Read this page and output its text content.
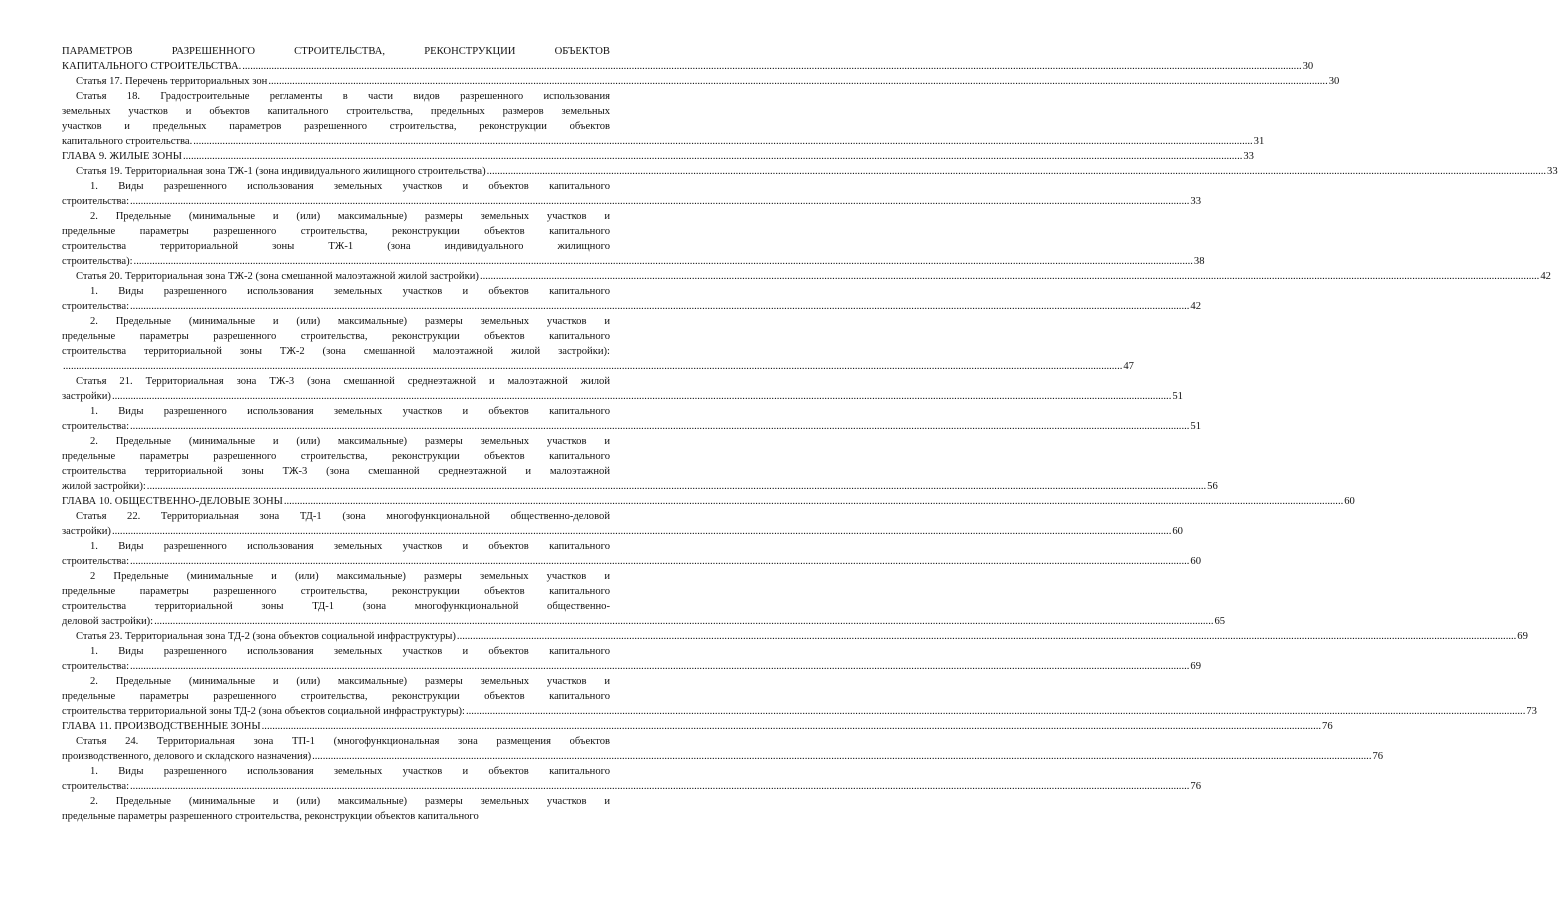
ПАРАМЕТРОВ РАЗРЕШЕННОГО СТРОИТЕЛЬСТВА, РЕКОНСТРУКЦИИ ОБЪЕКТОВ
КАПИТАЛЬНОГО СТРОИТЕЛЬСТВА. ................................................................................................................................................................................................................................................................................................................................................................................................................ 30
Статья 17. Перечень территориальных зон ................................................................................................................................................................................................................................................................................................................................................................................................................ 30
Статья 18. Градостроительные регламенты в части видов разрешенного использования
земельных участков и объектов капитального строительства, предельных размеров земельных
участков и предельных параметров разрешенного строительства, реконструкции объектов
капитального строительства. ................................................................................................................................................................................................................................................................................................................................................................................................................ 31
ГЛАВА 9. ЖИЛЫЕ ЗОНЫ ................................................................................................................................................................................................................................................................................................................................................................................................................ 33
Статья 19. Территориальная зона ТЖ-1 (зона индивидуального жилищного строительства) ................................................................................................................................................................................................................................................................................................................................................................................................................ 33
1. Виды разрешенного использования земельных участков и объектов капитального
строительства: ................................................................................................................................................................................................................................................................................................................................................................................................................ 33
2. Предельные (минимальные и (или) максимальные) размеры земельных участков и
предельные параметры разрешенного строительства, реконструкции объектов капитального
строительства территориальной зоны ТЖ-1 (зона индивидуального жилищного
строительства): ................................................................................................................................................................................................................................................................................................................................................................................................................ 38
Статья 20. Территориальная зона ТЖ-2 (зона смешанной малоэтажной жилой застройки) ................................................................................................................................................................................................................................................................................................................................................................................................................ 42
1. Виды разрешенного использования земельных участков и объектов капитального
строительства: ................................................................................................................................................................................................................................................................................................................................................................................................................ 42
2. Предельные (минимальные и (или) максимальные) размеры земельных участков и
предельные параметры разрешенного строительства, реконструкции объектов капитального
строительства территориальной зоны ТЖ-2 (зона смешанной малоэтажной жилой застройки):
................................................................................................................................................................................................................................................................................................................................................................................................................ 47
Статья 21. Территориальная зона ТЖ-3 (зона смешанной среднеэтажной и малоэтажной жилой
застройки) ................................................................................................................................................................................................................................................................................................................................................................................................................ 51
1. Виды разрешенного использования земельных участков и объектов капитального
строительства: ................................................................................................................................................................................................................................................................................................................................................................................................................ 51
2. Предельные (минимальные и (или) максимальные) размеры земельных участков и
предельные параметры разрешенного строительства, реконструкции объектов капитального
строительства территориальной зоны ТЖ-3 (зона смешанной среднеэтажной и малоэтажной
жилой застройки): ................................................................................................................................................................................................................................................................................................................................................................................................................ 56
ГЛАВА 10. ОБЩЕСТВЕННО-ДЕЛОВЫЕ ЗОНЫ ................................................................................................................................................................................................................................................................................................................................................................................................................ 60
Статья 22. Территориальная зона ТД-1 (зона многофункциональной общественно-деловой
застройки) ................................................................................................................................................................................................................................................................................................................................................................................................................ 60
1. Виды разрешенного использования земельных участков и объектов капитального
строительства: ................................................................................................................................................................................................................................................................................................................................................................................................................ 60
2 Предельные (минимальные и (или) максимальные) размеры земельных участков и
предельные параметры разрешенного строительства, реконструкции объектов капитального
строительства территориальной зоны ТД-1 (зона многофункциональной общественно-
деловой застройки): ................................................................................................................................................................................................................................................................................................................................................................................................................ 65
Статья 23. Территориальная зона ТД-2 (зона объектов социальной инфраструктуры) ................................................................................................................................................................................................................................................................................................................................................................................................................ 69
1. Виды разрешенного использования земельных участков и объектов капитального
строительства: ................................................................................................................................................................................................................................................................................................................................................................................................................ 69
2. Предельные (минимальные и (или) максимальные) размеры земельных участков и
предельные параметры разрешенного строительства, реконструкции объектов капитального
строительства территориальной зоны ТД-2 (зона объектов социальной инфраструктуры): ................................................................................................................................................................................................................................................................................................................................................................................................................ 73
ГЛАВА 11. ПРОИЗВОДСТВЕННЫЕ ЗОНЫ ................................................................................................................................................................................................................................................................................................................................................................................................................ 76
Статья 24. Территориальная зона ТП-1 (многофункциональная зона размещения объектов
производственного, делового и складского назначения) ................................................................................................................................................................................................................................................................................................................................................................................................................ 76
1. Виды разрешенного использования земельных участков и объектов капитального
строительства: ................................................................................................................................................................................................................................................................................................................................................................................................................ 76
2. Предельные (минимальные и (или) максимальные) размеры земельных участков и
предельные параметры разрешенного строительства, реконструкции объектов капитального
